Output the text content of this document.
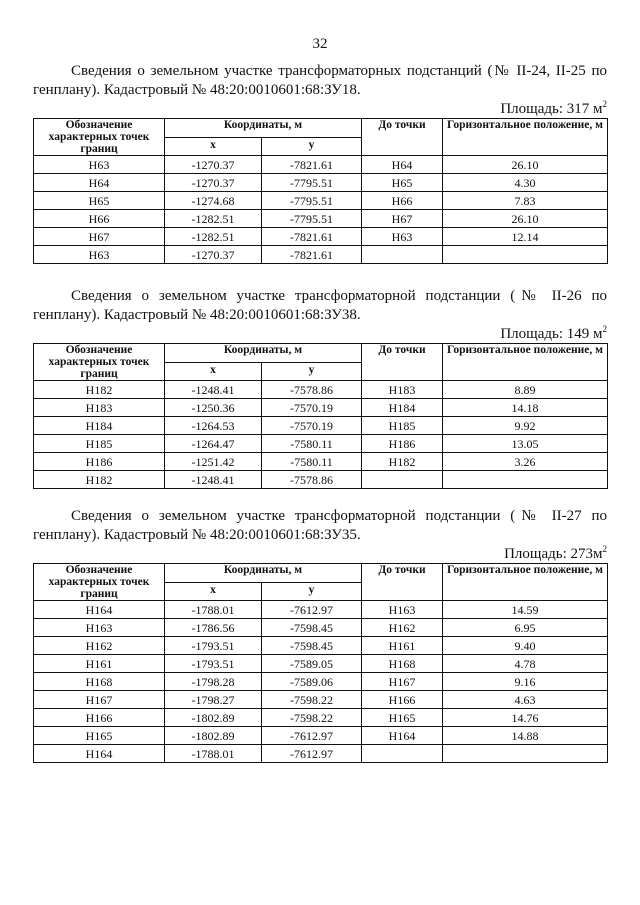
32

Сведения о земельном участке трансформаторных подстанций (№ II-24, II-25 по генплану). Кадастровый № 48:20:0010601:68:ЗУ18.

Площадь: 317 $м^2$
Обозначение характерных точек границ	Координаты, м		До точки	Горизонтальное положение, м
	x	y		
Н63	-1270.37	-7821.61	Н64	26.10
Н64	-1270.37	-7795.51	Н65	4.30
Н65	-1274.68	-7795.51	Н66	7.83
Н66	-1282.51	-7795.51	Н67	26.10
Н67	-1282.51	-7821.61	Н63	12.14
Н63	-1270.37	-7821.61		

Сведения о земельном участке трансформаторной подстанции (№ II-26 по генплану). Кадастровый № 48:20:0010601:68:ЗУ38.

Площадь: 149 $м^2$
Обозначение характерных точек границ	Координаты, м		До точки	Горизонтальное положение, м
	x	y		
Н182	-1248.41	-7578.86	Н183	8.89
Н183	-1250.36	-7570.19	Н184	14.18
Н184	-1264.53	-7570.19	Н185	9.92
Н185	-1264.47	-7580.11	Н186	13.05
Н186	-1251.42	-7580.11	Н182	3.26
Н182	-1248.41	-7578.86		

Сведения о земельном участке трансформаторной подстанции (№ II-27 по генплану). Кадастровый № 48:20:0010601:68:ЗУ35.

Площадь: $273м^2$
Обозначение характерных точек границ	Координаты, м		До точки	Горизонтальное положение, м
	x	y		
Н164	-1788.01	-7612.97	Н163	14.59
Н163	-1786.56	-7598.45	Н162	6.95
Н162	-1793.51	-7598.45	Н161	9.40
Н161	-1793.51	-7589.05	Н168	4.78
Н168	-1798.28	-7589.06	Н167	9.16
Н167	-1798.27	-7598.22	Н166	4.63
Н166	-1802.89	-7598.22	Н165	14.76
Н165	-1802.89	-7612.97	Н164	14.88
Н164	-1788.01	-7612.97		
